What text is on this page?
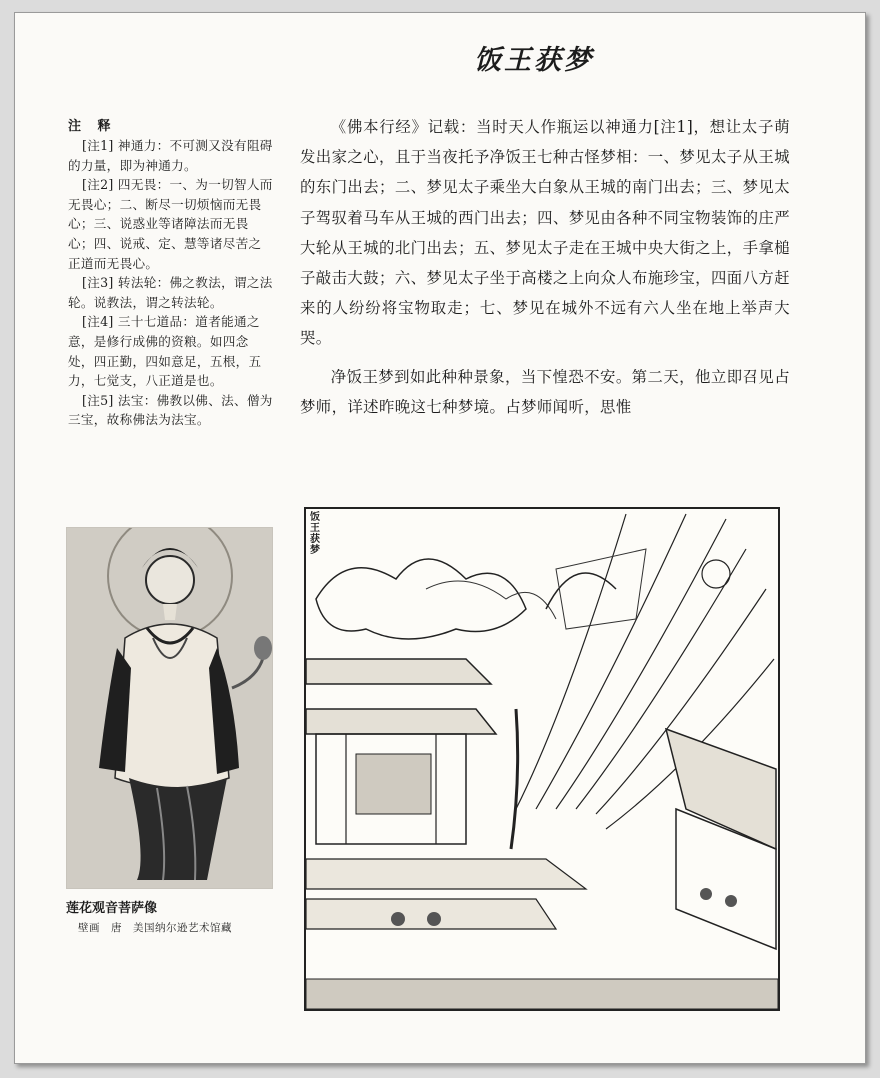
饭王获梦
注 释

[注1] 神通力：不可测又没有阻碍的力量，即为神通力。

[注2] 四无畏：一、为一切智人而无畏心；二、断尽一切烦恼而无畏心；三、说惑业等诸障法而无畏心；四、说戒、定、慧等诸尽苦之正道而无畏心。

[注3] 转法轮：佛之教法，谓之法轮。说教法，谓之转法轮。

[注4] 三十七道品：道者能通之意，是修行成佛的资粮。如四念处，四正勤，四如意足，五根，五力，七觉支，八正道是也。

[注5] 法宝：佛教以佛、法、僧为三宝，故称佛法为法宝。

《佛本行经》记载：当时天人作瓶运以神通力[注1]，想让太子萌发出家之心，且于当夜托予净饭王七种古怪梦相：一、梦见太子从王城的东门出去；二、梦见太子乘坐大白象从王城的南门出去；三、梦见太子驾驭着马车从王城的西门出去；四、梦见由各种不同宝物装饰的庄严大轮从王城的北门出去；五、梦见太子走在王城中央大街之上，手拿槌子敲击大鼓；六、梦见太子坐于高楼之上向众人布施珍宝，四面八方赶来的人纷纷将宝物取走；七、梦见在城外不远有六人坐在地上举声大哭。

净饭王梦到如此种种景象，当下惶恐不安。第二天，他立即召见占梦师，详述昨晚这七种梦境。占梦师闻听，思惟

莲花观音菩萨像
壁画　唐　美国纳尔逊艺术馆藏
饭王获梦
